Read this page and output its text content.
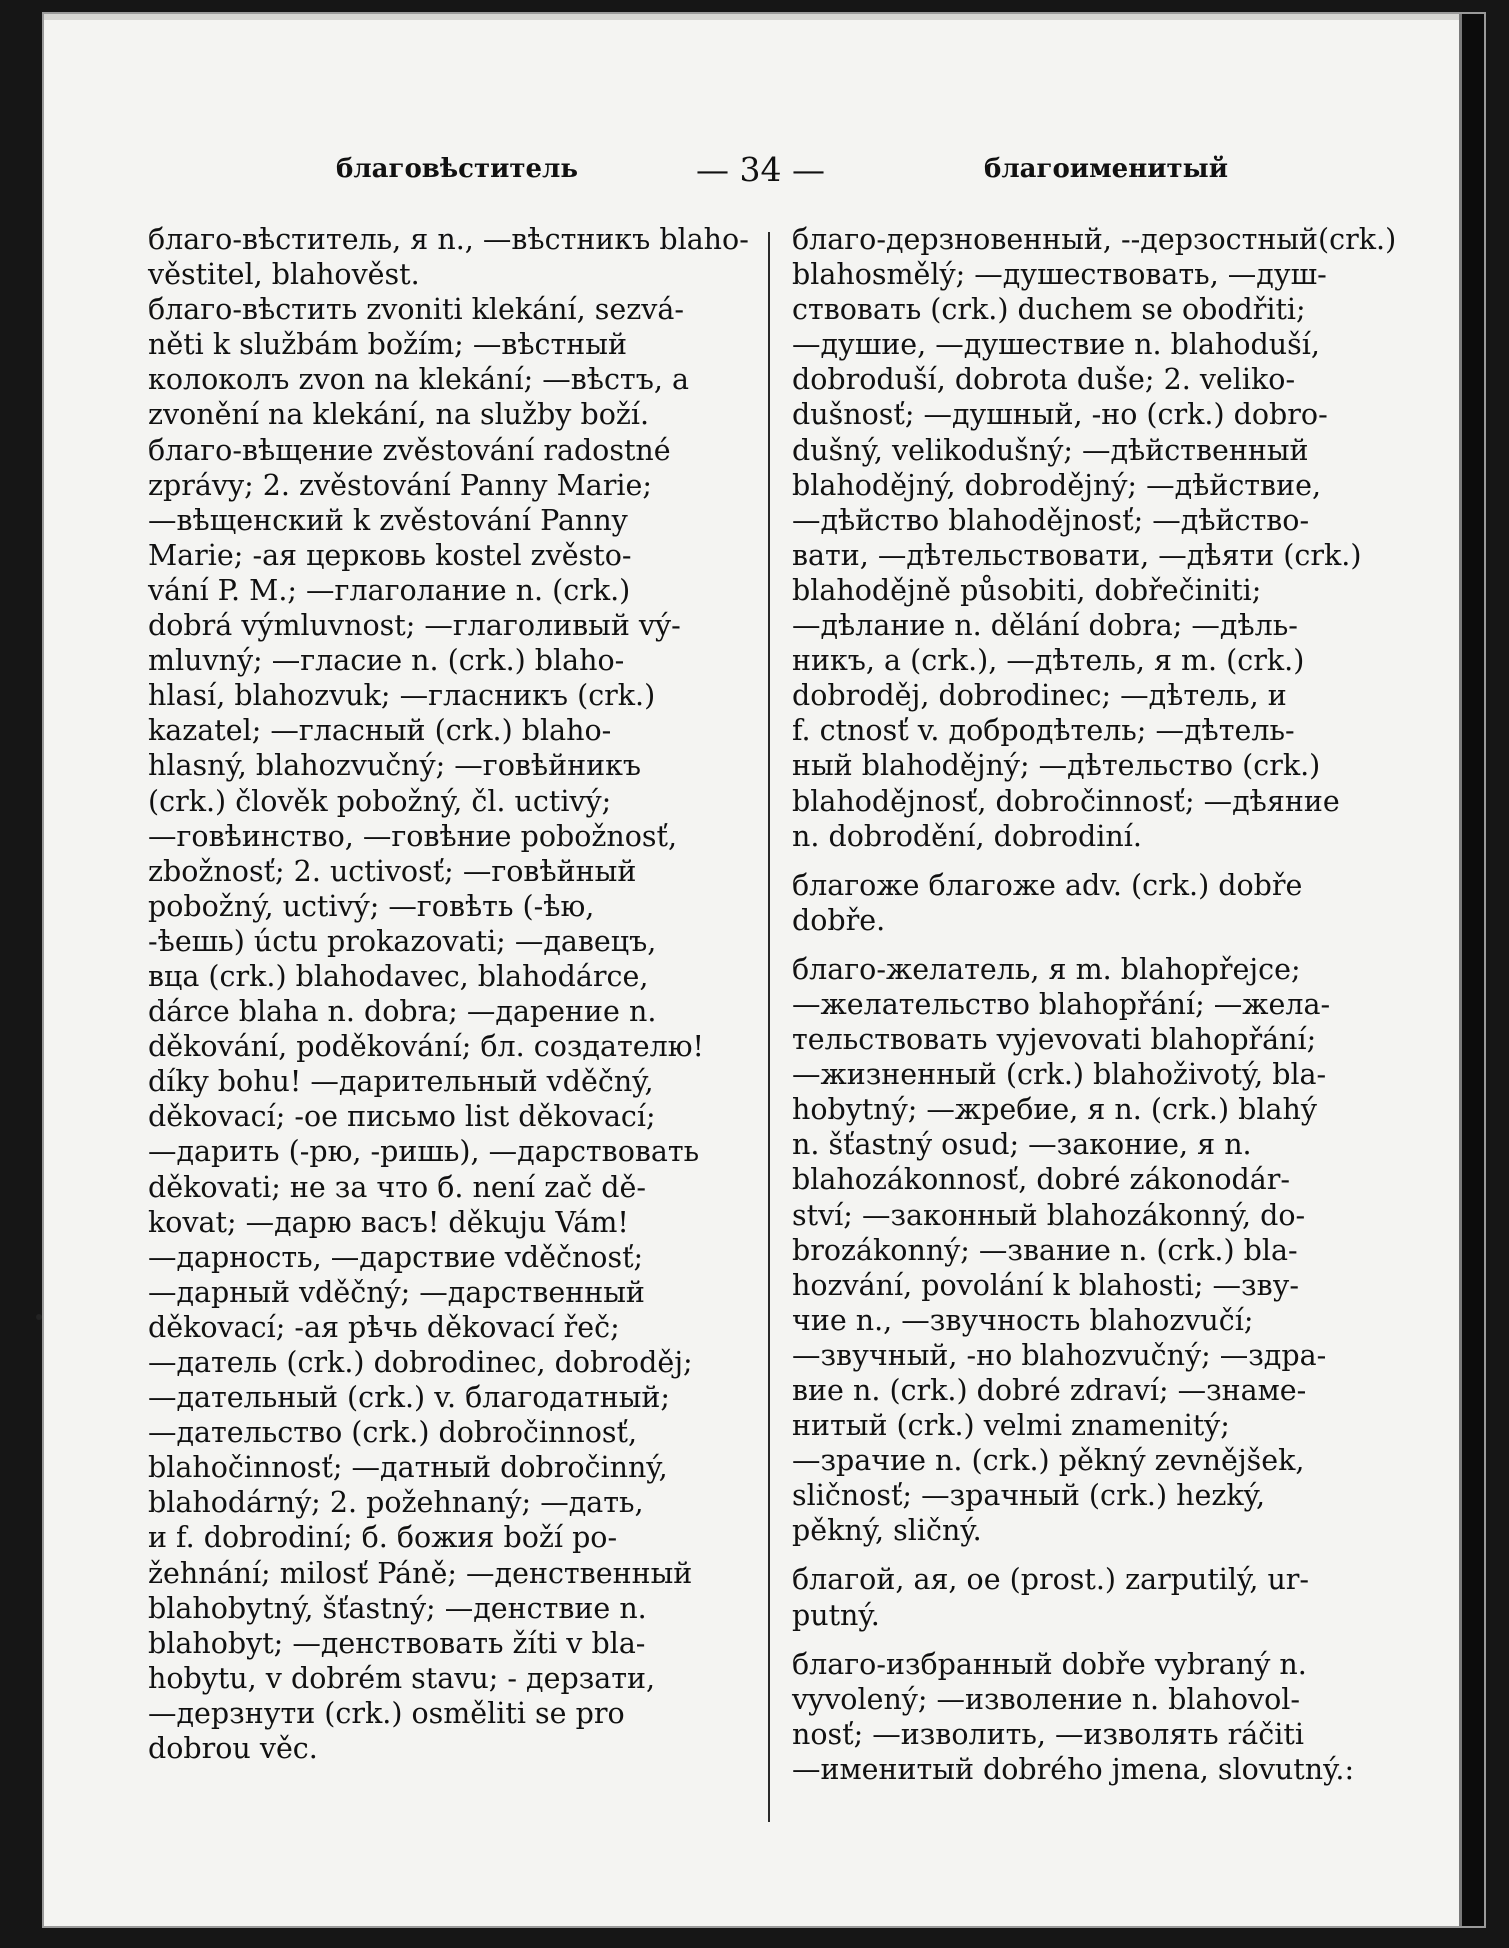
благовѣститель	— 34 —	благоименитый
благо-вѣститель, я n., —вѣстникъ blaho-
věstitel, blahověst.
благо-вѣстить zvoniti klekání, sezvá-
něti k službám božím; —вѣстный
колоколъ zvon na klekání; —вѣстъ, a
zvonění na klekání, na služby boží.
благо-вѣщение zvěstování radostné
zprávy; 2. zvěstování Panny Marie;
—вѣщенский k zvěstování Panny
Marie; -ая церковь kostel zvěsto-
vání P. M.; —глаголание n. (crk.)
dobrá výmluvnost; —глаголивый vý-
mluvný; —гласие n. (crk.) blaho-
hlasí, blahozvuk; —гласникъ (crk.)
kazatel; —гласный (crk.) blaho-
hlasný, blahozvučný; —говѣйникъ
(crk.) člověk pobožný, čl. uctivý;
—говѣинство, —говѣние pobožnosť,
zbožnosť; 2. uctivosť; —говѣйный
pobožný, uctivý; —говѣть (-ѣю,
-ѣешь) úctu prokazovati; —давецъ,
вца (crk.) blahodavec, blahodárce,
dárce blaha n. dobra; —дарение n.
děkování, poděkování; бл. создателю!
díky bohu! —дарительный vděčný,
děkovací; -ое письмо list děkovací;
—дарить (-рю, -ришь), —дарствовать
děkovati; не за что б. není zač dě-
kovat; —дарю васъ! děkuju Vám!
—дарность, —дарствие vděčnosť;
—дарный vděčný; —дарственный
děkovací; -ая рѣчь děkovací řeč;
—датель (crk.) dobrodinec, dobroděj;
—дательный (crk.) v. благодатный;
—дательство (crk.) dobročinnosť,
blahočinnosť; —датный dobročinný,
blahodárný; 2. požehnaný; —дать,
и f. dobrodiní; б. божия boží po-
žehnání; milosť Páně; —денственный
blahobytný, šťastný; —денствие n.
blahobyt; —денствовать žíti v bla-
hobytu, v dobrém stavu; - дерзати,
—дерзнути (crk.) osměliti se pro
dobrou věc.
благо-дерзновенный, --дерзостный(crk.)
blahosmělý; —душествовать, —душ-
ствовать (crk.) duchem se obodřiti;
—душие, —душествие n. blahoduší,
dobroduší, dobrota duše; 2. veliko-
dušnosť; —душный, -но (crk.) dobro-
dušný, velikodušný; —дѣйственный
blahodějný, dobrodějný; —дѣйствие,
—дѣйство blahodějnosť; —дѣйство-
вати, —дѣтельствовати, —дѣяти (crk.)
blahodějně působiti, dobřečiniti;
—дѣлание n. dělání dobra; —дѣль-
никъ, a (crk.), —дѣтель, я m. (crk.)
dobroděj, dobrodinec; —дѣтель, и
f. ctnosť v. добродѣтель; —дѣтель-
ный blahodějný; —дѣтельство (crk.)
blahodějnosť, dobročinnosť; —дѣяние
n. dobrodění, dobrodiní.
благоже благоже adv. (crk.) dobře
dobře.
благо-желатель, я m. blahopřejce;
—желательство blahopřání; —жела-
тельствовать vyjevovati blahopřání;
—жизненный (crk.) blahoživotý, bla-
hobytný; —жребие, я n. (crk.) blahý
n. šťastný osud; —законие, я n.
blahozákonnosť, dobré zákonodár-
ství; —законный blahozákonný, do-
brozákonný; —звание n. (crk.) bla-
hozvání, povolání k blahosti; —зву-
чие n., —звучность blahozvučí;
—звучный, -но blahozvučný; —здра-
вие n. (crk.) dobré zdraví; —знаме-
нитый (crk.) velmi znamenitý;
—зрачие n. (crk.) pěkný zevnějšek,
sličnosť; —зрачный (crk.) hezký,
pěkný, sličný.
благой, ая, ое (prost.) zarputilý, ur-
putný.
благо-избранный dobře vybraný n.
vyvolený; —изволение n. blahovol-
nosť; —изволить, —изволять ráčiti
—именитый dobrého jmena, slovutný.:
